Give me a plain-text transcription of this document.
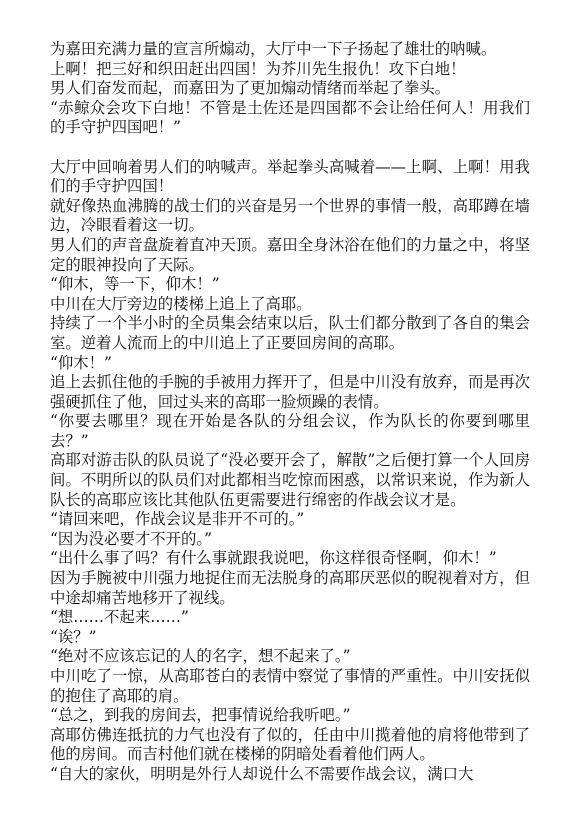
为嘉田充满力量的宣言所煽动，大厅中一下子扬起了雄壮的呐喊。

上啊！把三好和织田赶出四国！为芥川先生报仇！攻下白地！

男人们奋发而起，而嘉田为了更加煽动情绪而举起了拳头。

“赤鲸众会攻下白地！不管是土佐还是四国都不会让给任何人！用我们的手守护四国吧！”

大厅中回响着男人们的呐喊声。举起拳头高喊着——上啊、上啊！用我们的手守护四国！

就好像热血沸腾的战士们的兴奋是另一个世界的事情一般，高耶蹲在墙边，冷眼看着这一切。

男人们的声音盘旋着直冲天顶。嘉田全身沐浴在他们的力量之中，将坚定的眼神投向了天际。

“仰木，等一下，仰木！”

中川在大厅旁边的楼梯上追上了高耶。

持续了一个半小时的全员集会结束以后，队士们都分散到了各自的集会室。逆着人流而上的中川追上了正要回房间的高耶。

“仰木！”

追上去抓住他的手腕的手被用力挥开了，但是中川没有放弃，而是再次强硬抓住了他，回过头来的高耶一脸烦躁的表情。

“你要去哪里？现在开始是各队的分组会议，作为队长的你要到哪里去？”

高耶对游击队的队员说了“没必要开会了，解散”之后便打算一个人回房间。不明所以的队员们对此都相当吃惊而困惑，以常识来说，作为新人队长的高耶应该比其他队伍更需要进行绵密的作战会议才是。

“请回来吧，作战会议是非开不可的。”

“因为没必要才不开的。”

“出什么事了吗？有什么事就跟我说吧，你这样很奇怪啊，仰木！”

因为手腕被中川强力地捉住而无法脱身的高耶厌恶似的睨视着对方，但中途却痛苦地移开了视线。

“想……不起来……”

“诶？”

“绝对不应该忘记的人的名字，想不起来了。”

中川吃了一惊，从高耶苍白的表情中察觉了事情的严重性。中川安抚似的抱住了高耶的肩。

“总之，到我的房间去，把事情说给我听吧。”

高耶仿佛连抵抗的力气也没有了似的，任由中川揽着他的肩将他带到了他的房间。而吉村他们就在楼梯的阴暗处看着他们两人。

“自大的家伙，明明是外行人却说什么不需要作战会议，满口大
